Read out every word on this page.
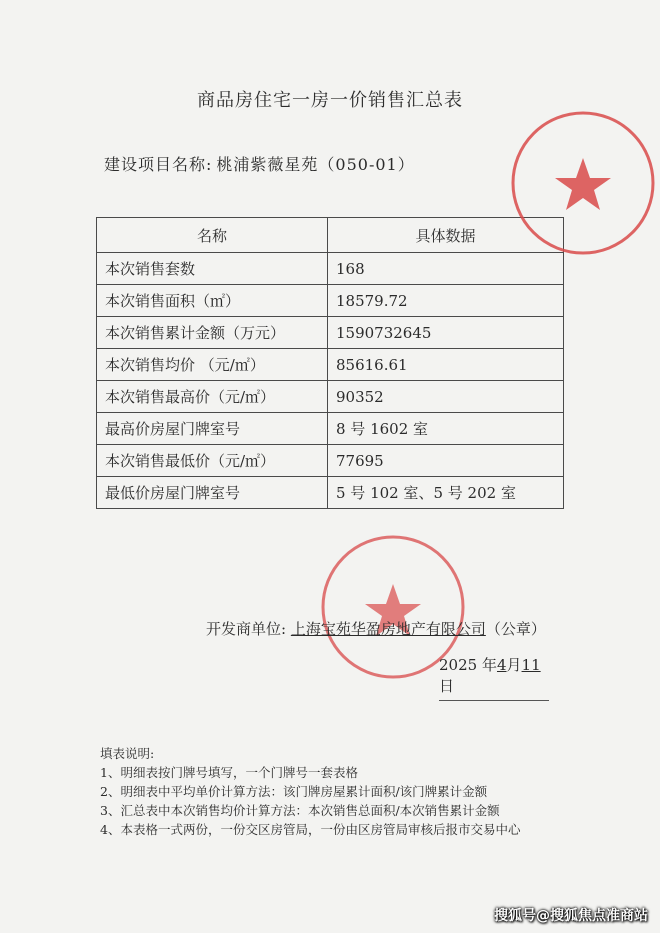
商品房住宅一房一价销售汇总表
建设项目名称: 桃浦紫薇星苑（050-01）
名称	具体数据
本次销售套数	168
本次销售面积（㎡）	18579.72
本次销售累计金额（万元）	1590732645
本次销售均价 （元/㎡）	85616.61
本次销售最高价（元/㎡）	90352
最高价房屋门牌室号	8 号 1602 室
本次销售最低价（元/㎡）	77695
最低价房屋门牌室号	5 号 102 室、5 号 202 室
开发商单位: 上海宝苑华盈房地产有限公司（公章）
2025 年4月11日
填表说明:
1、明细表按门牌号填写，一个门牌号一套表格
2、明细表中平均单价计算方法：该门牌房屋累计面积/该门牌累计金额
3、汇总表中本次销售均价计算方法：本次销售总面积/本次销售累计金额
4、本表格一式两份，一份交区房管局，一份由区房管局审核后报市交易中心
搜狐号@搜狐焦点准商站
